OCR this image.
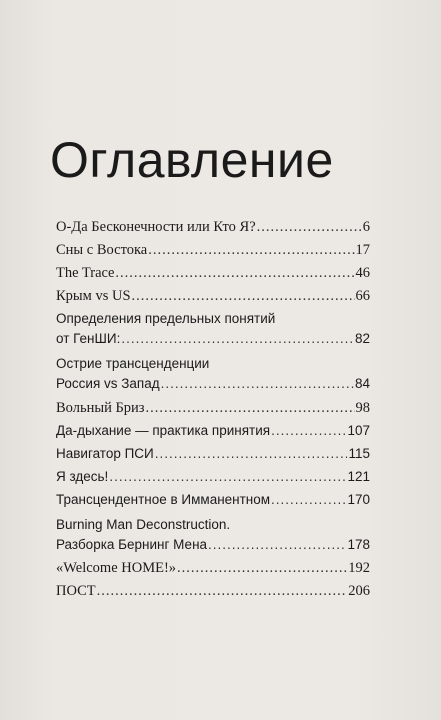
Оглавление
О-Да Бесконечности или Кто Я? .....	6
Сны с Востока .....	17
The Trace .....	46
Крым vs US .....	66
Определения предельных понятий
от ГенШИ: .....	82
Острие трансценденции
Россия vs Запад .....	84
Вольный Бриз .....	98
Да-дыхание — практика принятия .....	107
Навигатор ПСИ .....	115
Я здесь! .....	121
Трансцендентное в Имманентном .....	170
Burning Man Deconstruction.
Разборка Бернинг Мена .....	178
«Welcome HOME!» .....	192
ПОСТ .....	206
